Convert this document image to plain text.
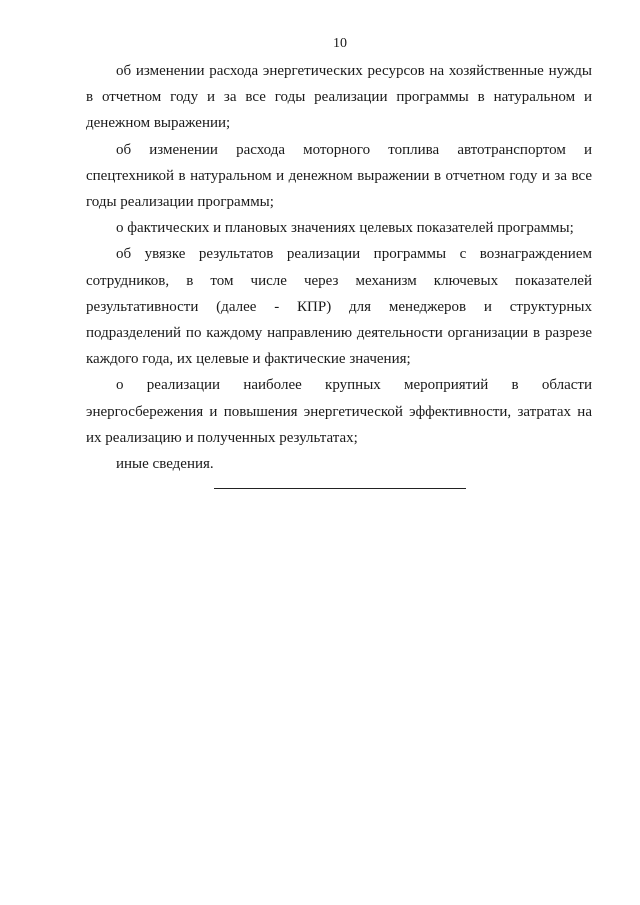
10

об изменении расхода энергетических ресурсов на хозяйственные нужды в отчетном году и за все годы реализации программы в натуральном и денежном выражении;

об изменении расхода моторного топлива автотранспортом и спецтехникой в натуральном и денежном выражении в отчетном году и за все годы реализации программы;

о фактических и плановых значениях целевых показателей программы;

об увязке результатов реализации программы с вознаграждением сотрудников, в том числе через механизм ключевых показателей результативности (далее - КПР) для менеджеров и структурных подразделений по каждому направлению деятельности организации в разрезе каждого года, их целевые и фактические значения;

о реализации наиболее крупных мероприятий в области энергосбережения и повышения энергетической эффективности, затратах на их реализацию и полученных результатах;

иные сведения.
